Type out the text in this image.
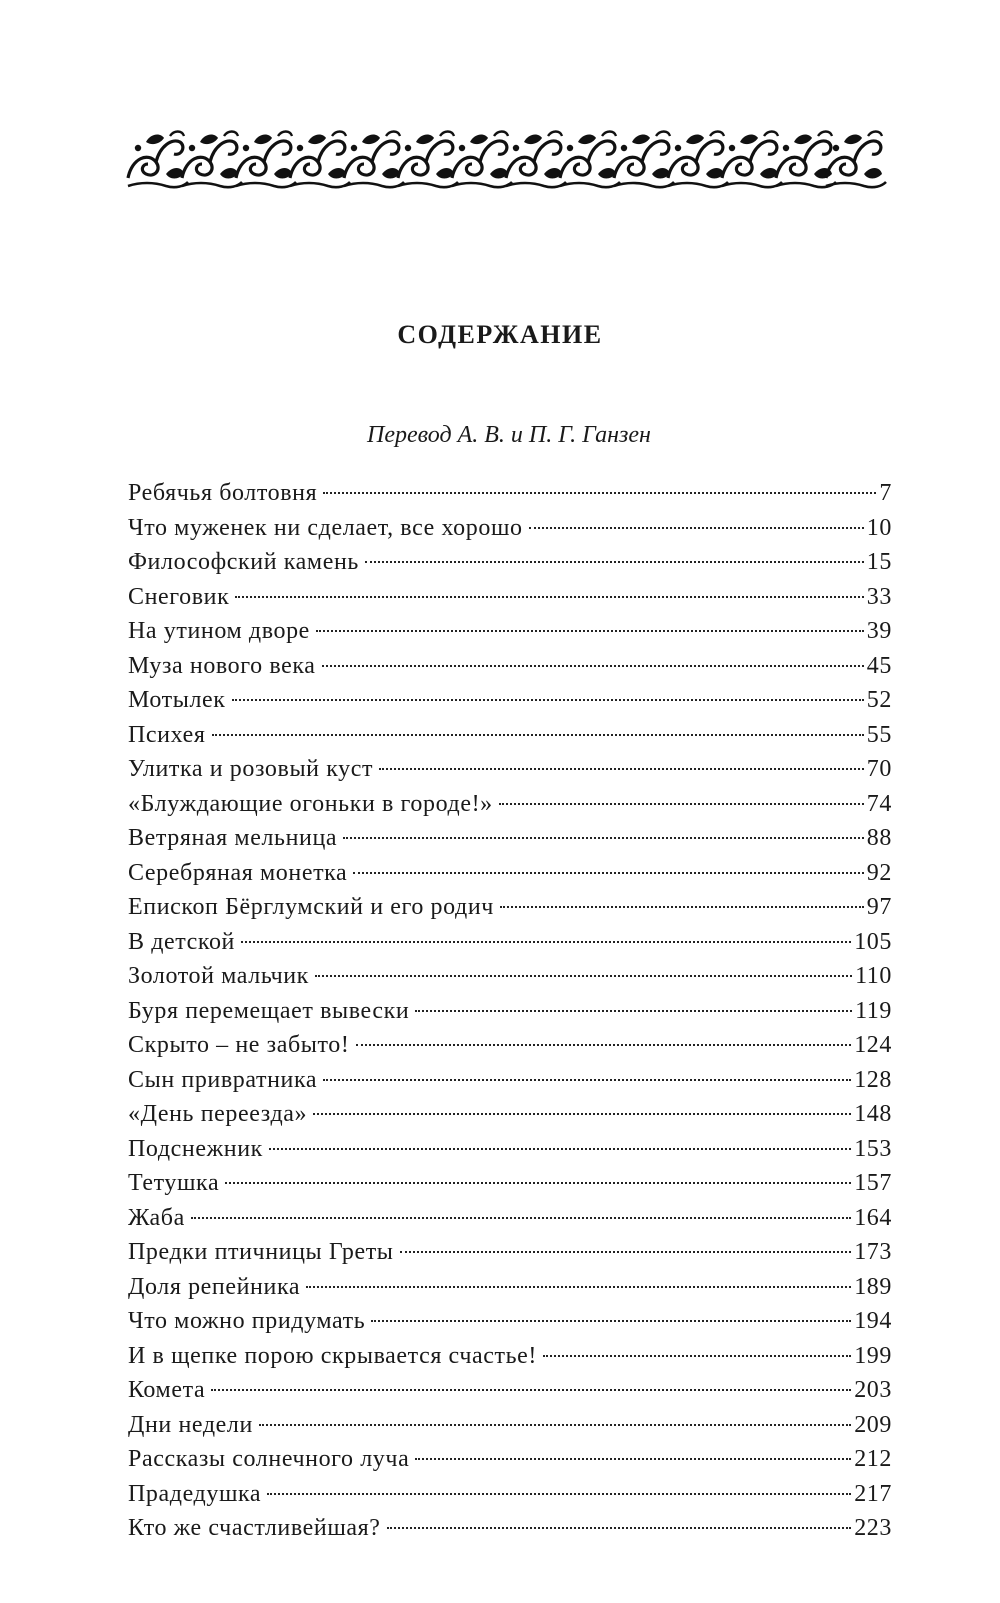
СОДЕРЖАНИЕ
Перевод А. В. и П. Г. Ганзен
Ребячья болтовня	7
Что муженек ни сделает, все хорошо	10
Философский камень	15
Снеговик	33
На утином дворе	39
Муза нового века	45
Мотылек	52
Психея	55
Улитка и розовый куст	70
«Блуждающие огоньки в городе!»	74
Ветряная мельница	88
Серебряная монетка	92
Епископ Бёрглумский и его родич	97
В детской	105
Золотой мальчик	110
Буря перемещает вывески	119
Скрыто – не забыто!	124
Сын привратника	128
«День переезда»	148
Подснежник	153
Тетушка	157
Жаба	164
Предки птичницы Греты	173
Доля репейника	189
Что можно придумать	194
И в щепке порою скрывается счастье!	199
Комета	203
Дни недели	209
Рассказы солнечного луча	212
Прадедушка	217
Кто же счастливейшая?	223
